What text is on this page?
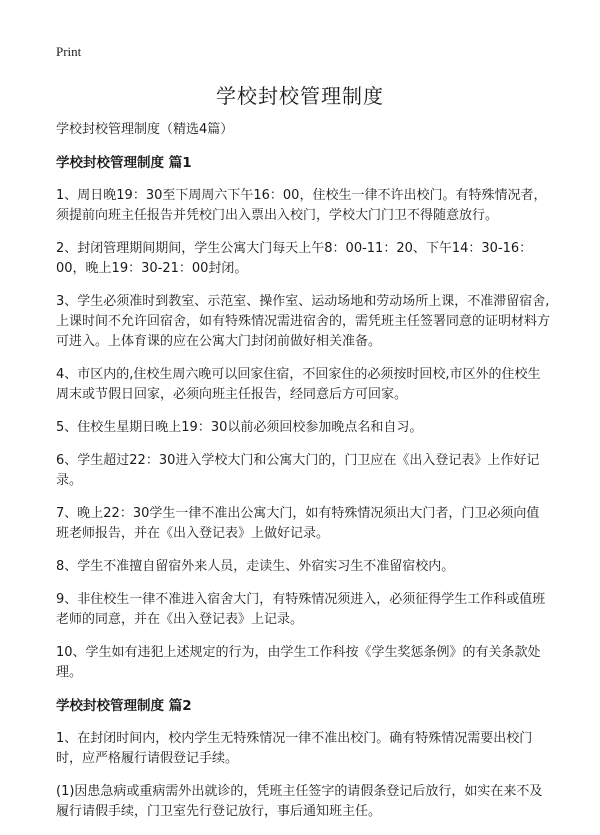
Print
学校封校管理制度

学校封校管理制度（精选4篇）

学校封校管理制度 篇1

1、周日晚19：30至下周周六下午16：00，住校生一律不许出校门。有特殊情况者，须提前向班主任报告并凭校门出入票出入校门，学校大门门卫不得随意放行。

2、封闭管理期间期间，学生公寓大门每天上午8：00-11：20、下午14：30-16：00，晚上19：30-21：00封闭。

3、学生必须准时到教室、示范室、操作室、运动场地和劳动场所上课，不准滞留宿舍,上课时间不允许回宿舍，如有特殊情况需进宿舍的，需凭班主任签署同意的证明材料方可进入。上体育课的应在公寓大门封闭前做好相关准备。

4、市区内的,住校生周六晚可以回家住宿，不回家住的必须按时回校,市区外的住校生周末或节假日回家，必须向班主任报告，经同意后方可回家。

5、住校生星期日晚上19：30以前必须回校参加晚点名和自习。

6、学生超过22：30进入学校大门和公寓大门的，门卫应在《出入登记表》上作好记录。

7、晚上22：30学生一律不准出公寓大门，如有特殊情况须出大门者，门卫必须向值班老师报告，并在《出入登记表》上做好记录。

8、学生不准擅自留宿外来人员，走读生、外宿实习生不准留宿校内。

9、非住校生一律不准进入宿舍大门，有特殊情况须进入，必须征得学生工作科或值班老师的同意，并在《出入登记表》上记录。

10、学生如有违犯上述规定的行为，由学生工作科按《学生奖惩条例》的有关条款处理。

学校封校管理制度 篇2

1、在封闭时间内，校内学生无特殊情况一律不准出校门。确有特殊情况需要出校门时，应严格履行请假登记手续。

(1)因患急病或重病需外出就诊的，凭班主任签字的请假条登记后放行，如实在来不及履行请假手续，门卫室先行登记放行，事后通知班主任。
